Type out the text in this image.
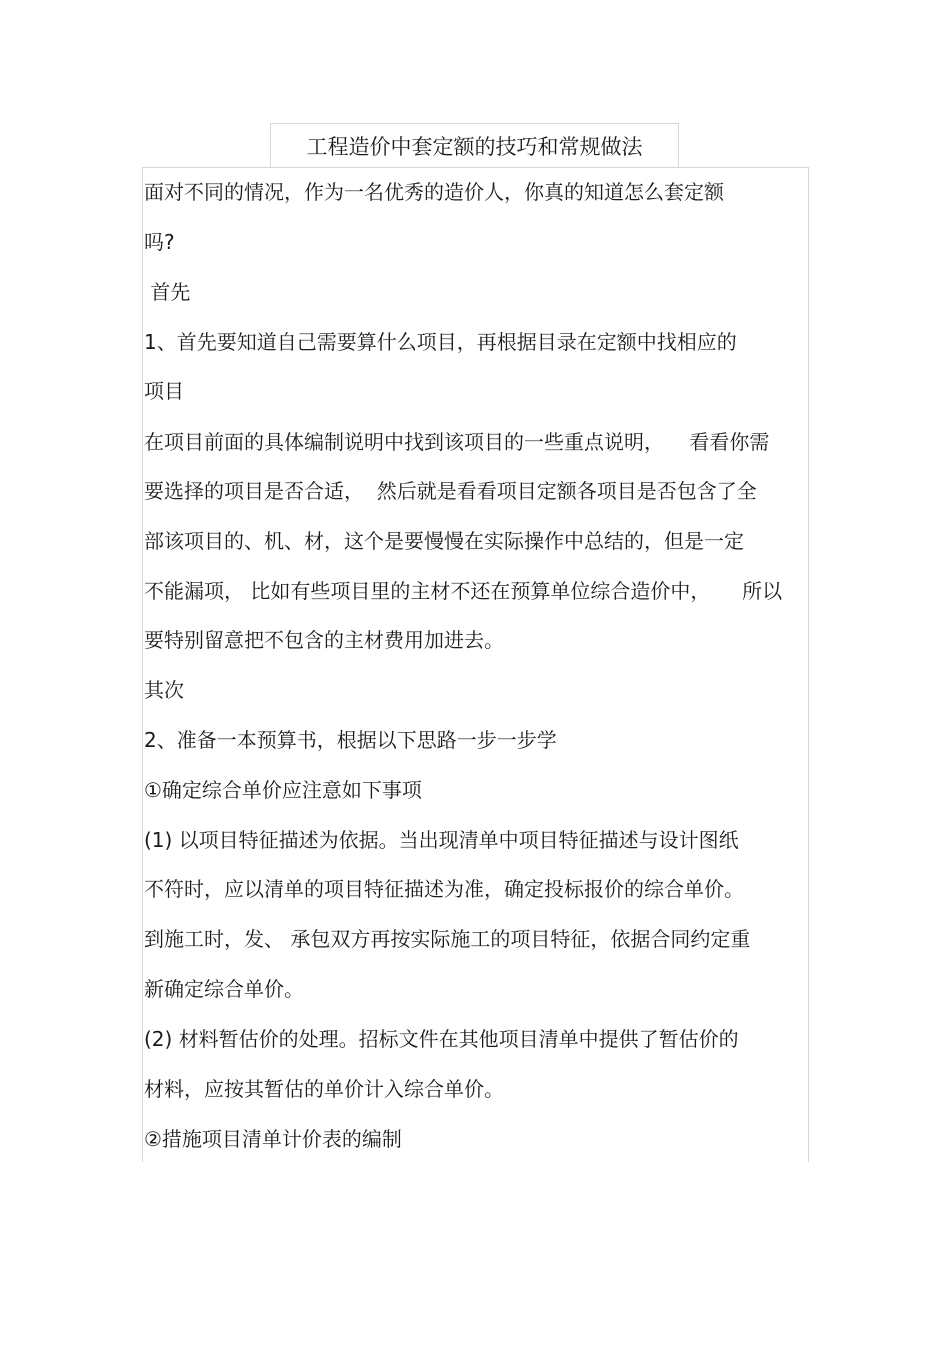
工程造价中套定额的技巧和常规做法
面对不同的情况，作为一名优秀的造价人，你真的知道怎么套定额
吗?
首先
1、首先要知道自己需要算什么项目，再根据目录在定额中找相应的
项目
在项目前面的具体编制说明中找到该项目的一些重点说明，    看看你需
要选择的项目是否合适，  然后就是看看项目定额各项目是否包含了全
部该项目的、机、材，这个是要慢慢在实际操作中总结的，但是一定
不能漏项， 比如有些项目里的主材不还在预算单位综合造价中，     所以
要特别留意把不包含的主材费用加进去。
其次
2、准备一本预算书，根据以下思路一步一步学
①确定综合单价应注意如下事项
(1) 以项目特征描述为依据。当出现清单中项目特征描述与设计图纸
不符时，应以清单的项目特征描述为准，确定投标报价的综合单价。
到施工时，发、 承包双方再按实际施工的项目特征，依据合同约定重
新确定综合单价。
(2) 材料暂估价的处理。招标文件在其他项目清单中提供了暂估价的
材料，应按其暂估的单价计入综合单价。
②措施项目清单计价表的编制
